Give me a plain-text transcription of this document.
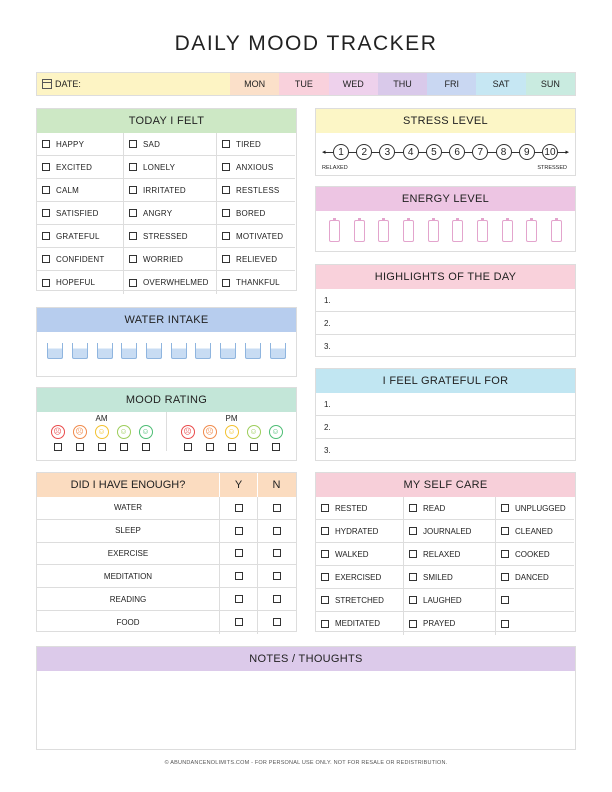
DAILY MOOD TRACKER
DATE:	MON	TUE	WED	THU	FRI	SAT	SUN
TODAY I FELT
HAPPY	SAD	TIRED
EXCITED	LONELY	ANXIOUS
CALM	IRRITATED	RESTLESS
SATISFIED	ANGRY	BORED
GRATEFUL	STRESSED	MOTIVATED
CONFIDENT	WORRIED	RELIEVED
HOPEFUL	OVERWHELMED	THANKFUL
WATER INTAKE
MOOD RATING
AM
☹	☹	☺	☺	☺
PM
☹	☹	☺	☺	☺
DID I HAVE ENOUGH?	Y	N
WATER
SLEEP
EXERCISE
MEDITATION
READING
FOOD
STRESS LEVEL
◂	▸
1	2	3	4	5	6	7	8	9	10
RELAXED	STRESSED
ENERGY LEVEL
HIGHLIGHTS OF THE DAY
1.
2.
3.
I FEEL GRATEFUL FOR
1.
2.
3.
MY SELF CARE
RESTED	READ	UNPLUGGED
HYDRATED	JOURNALED	CLEANED
WALKED	RELAXED	COOKED
EXERCISED	SMILED	DANCED
STRETCHED	LAUGHED
MEDITATED	PRAYED
NOTES / THOUGHTS
© ABUNDANCENOLIMITS.COM - FOR PERSONAL USE ONLY. NOT FOR RESALE OR REDISTRIBUTION.
